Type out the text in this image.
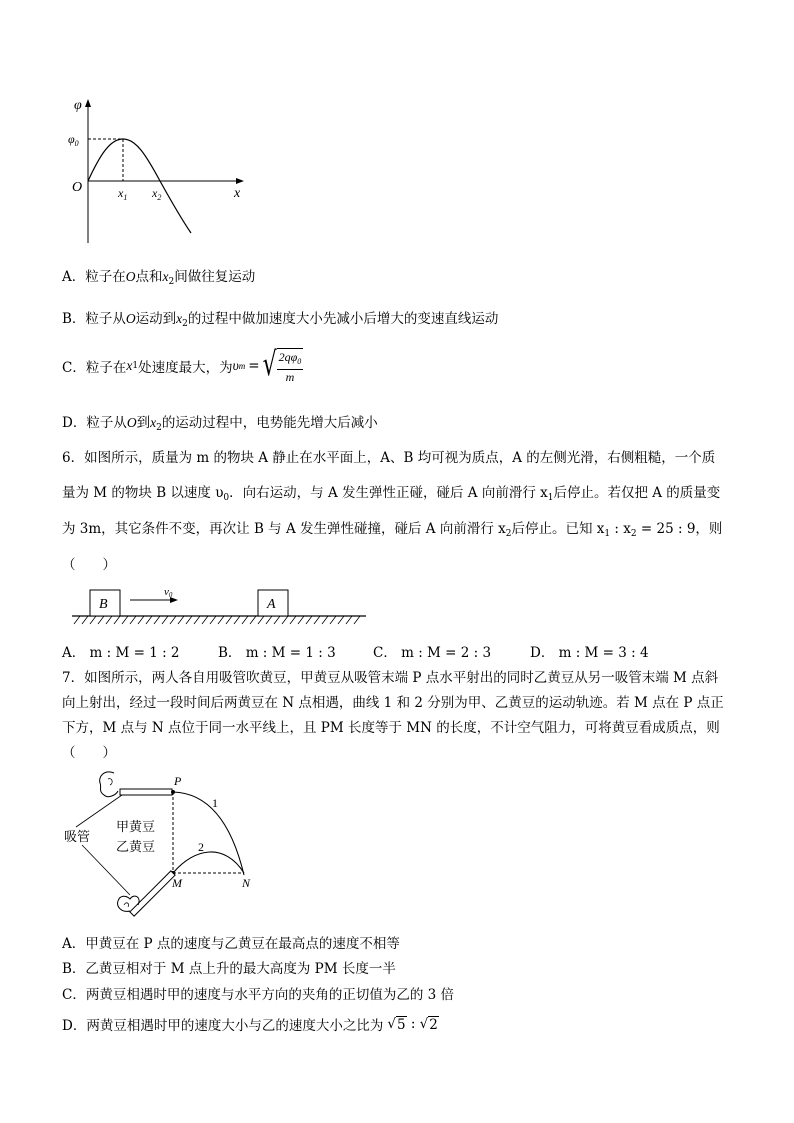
φ
$\varphi_0$
O	$x_1$ $x_2$	x
A．粒子在O点和$x_2$间做往复运动
B．粒子从O运动到$x_2$的过程中做加速度大小先减小后增大的变速直线运动
C．粒子在 x 1 处速度最大，为 υ m = √ $\frac{2q\varphi_0}{m}$
D．粒子从O到$x_2$的运动过程中，电势能先增大后减小
6．如图所示，质量为 m 的物块 A 静止在水平面上，A、B 均可视为质点，A 的左侧光滑，右侧粗糙，一个质
量为 M 的物块 B 以速度 $\upsilon_0$．向右运动，与 A 发生弹性正碰，碰后 A 向前滑行 $x_1$后停止。若仅把 A 的质量变
为 3m，其它条件不变，再次让 B 与 A 发生弹性碰撞，碰后 A 向前滑行 $x_2$后停止。已知 $x_1$ : $x_2 = 25$ : 9，则
（　　）
B
v0
A
A． m : M = 1 : 2	B． m : M = 1 : 3	C． m : M = 2 : 3	D． m : M = 3 : 4
7．如图所示，两人各自用吸管吹黄豆，甲黄豆从吸管末端 P 点水平射出的同时乙黄豆从另一吸管末端 M 点斜
向上射出，经过一段时间后两黄豆在 N 点相遇，曲线 1 和 2 分别为甲、乙黄豆的运动轨迹。若 M 点在 P 点正
下方，M 点与 N 点位于同一水平线上，且 PM 长度等于 MN 的长度，不计空气阻力，可将黄豆看成质点，则
（　　）
P
1
2
M	N
吸管
甲黄豆
乙黄豆
A．甲黄豆在 P 点的速度与乙黄豆在最高点的速度不相等
B．乙黄豆相对于 M 点上升的最大高度为 PM 长度一半
C．两黄豆相遇时甲的速度与水平方向的夹角的正切值为乙的 3 倍
D．两黄豆相遇时甲的速度大小与乙的速度大小之比为 √ 5 : √ 2
